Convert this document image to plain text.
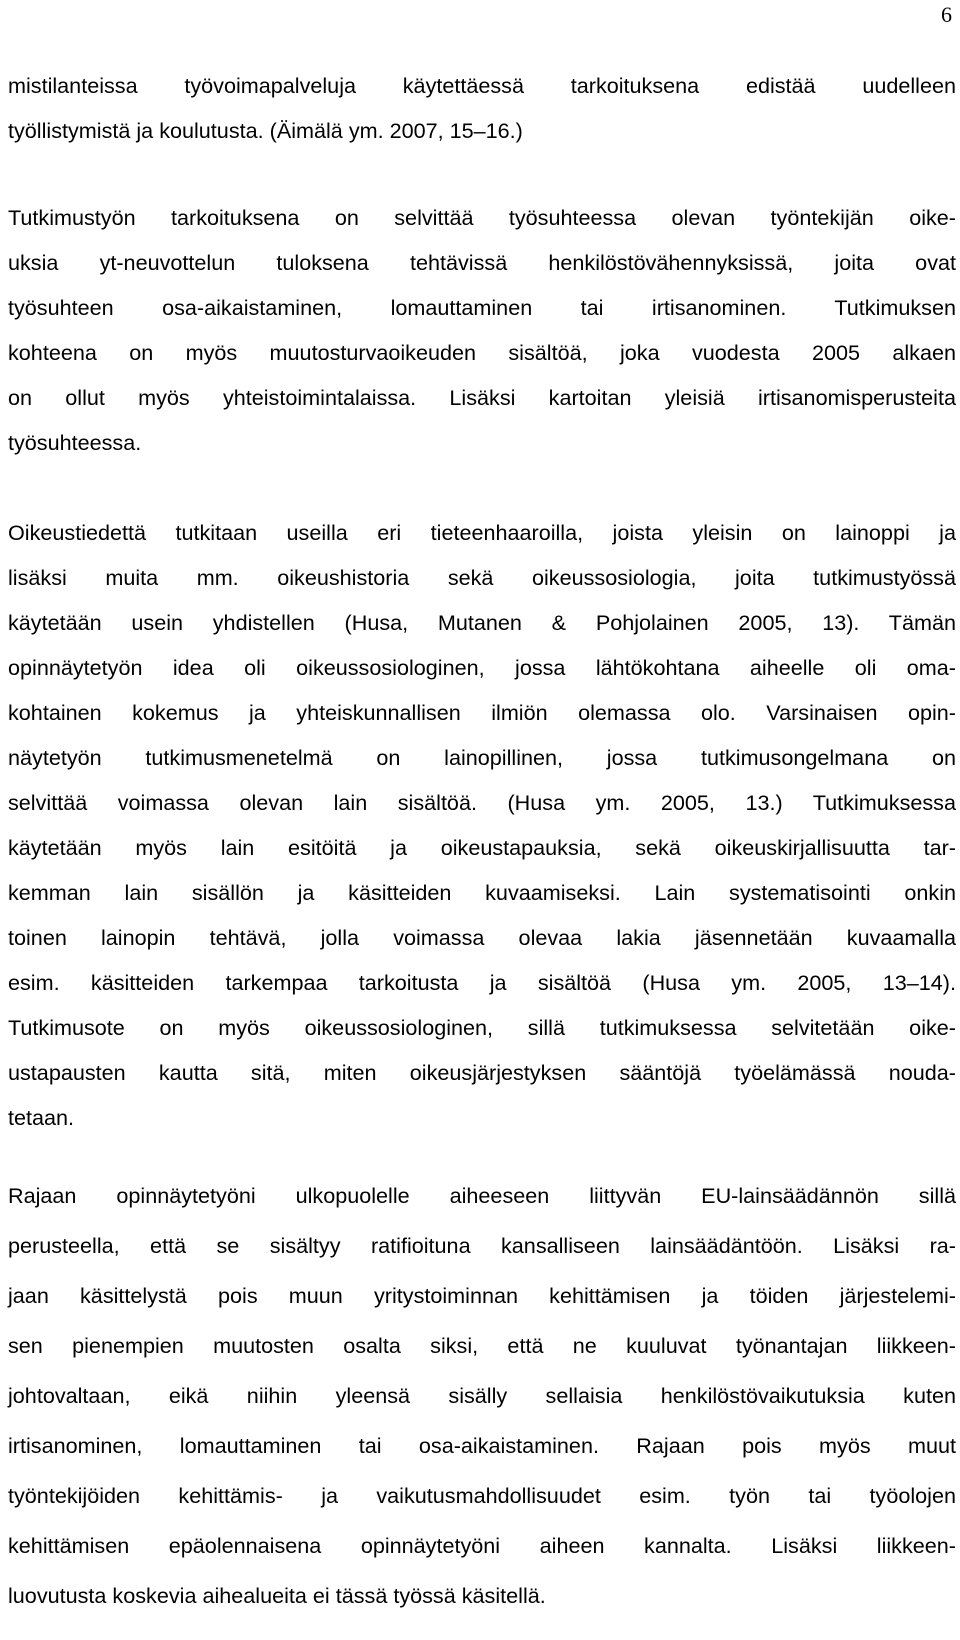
6
mistilanteissa työvoimapalveluja käytettäessä tarkoituksena edistää uudelleen
työllistymistä ja koulutusta. (Äimälä ym. 2007, 15–16.)
Tutkimustyön tarkoituksena on selvittää työsuhteessa olevan työntekijän oike-
uksia yt-neuvottelun tuloksena tehtävissä henkilöstövähennyksissä, joita ovat
työsuhteen osa-aikaistaminen, lomauttaminen tai irtisanominen. Tutkimuksen
kohteena on myös muutosturvaoikeuden sisältöä, joka vuodesta 2005 alkaen
on ollut myös yhteistoimintalaissa. Lisäksi kartoitan yleisiä irtisanomisperusteita
työsuhteessa.
Oikeustiedettä tutkitaan useilla eri tieteenhaaroilla, joista yleisin on lainoppi ja
lisäksi muita mm. oikeushistoria sekä oikeussosiologia, joita tutkimustyössä
käytetään usein yhdistellen (Husa, Mutanen & Pohjolainen 2005, 13). Tämän
opinnäytetyön idea oli oikeussosiologinen, jossa lähtökohtana aiheelle oli oma-
kohtainen kokemus ja yhteiskunnallisen ilmiön olemassa olo. Varsinaisen opin-
näytetyön tutkimusmenetelmä on lainopillinen, jossa tutkimusongelmana on
selvittää voimassa olevan lain sisältöä. (Husa ym. 2005, 13.) Tutkimuksessa
käytetään myös lain esitöitä ja oikeustapauksia, sekä oikeuskirjallisuutta tar-
kemman lain sisällön ja käsitteiden kuvaamiseksi. Lain systematisointi onkin
toinen lainopin tehtävä, jolla voimassa olevaa lakia jäsennetään kuvaamalla
esim. käsitteiden tarkempaa tarkoitusta ja sisältöä (Husa ym. 2005, 13–14).
Tutkimusote on myös oikeussosiologinen, sillä tutkimuksessa selvitetään oike-
ustapausten kautta sitä, miten oikeusjärjestyksen sääntöjä työelämässä nouda-
tetaan.
Rajaan opinnäytetyöni ulkopuolelle aiheeseen liittyvän EU-lainsäädännön sillä
perusteella, että se sisältyy ratifioituna kansalliseen lainsäädäntöön. Lisäksi ra-
jaan käsittelystä pois muun yritystoiminnan kehittämisen ja töiden järjestelemi-
sen pienempien muutosten osalta siksi, että ne kuuluvat työnantajan liikkeen-
johtovaltaan, eikä niihin yleensä sisälly sellaisia henkilöstövaikutuksia kuten
irtisanominen, lomauttaminen tai osa-aikaistaminen. Rajaan pois myös muut
työntekijöiden kehittämis- ja vaikutusmahdollisuudet esim. työn tai työolojen
kehittämisen epäolennaisena opinnäytetyöni aiheen kannalta. Lisäksi liikkeen-
luovutusta koskevia aihealueita ei tässä työssä käsitellä.
